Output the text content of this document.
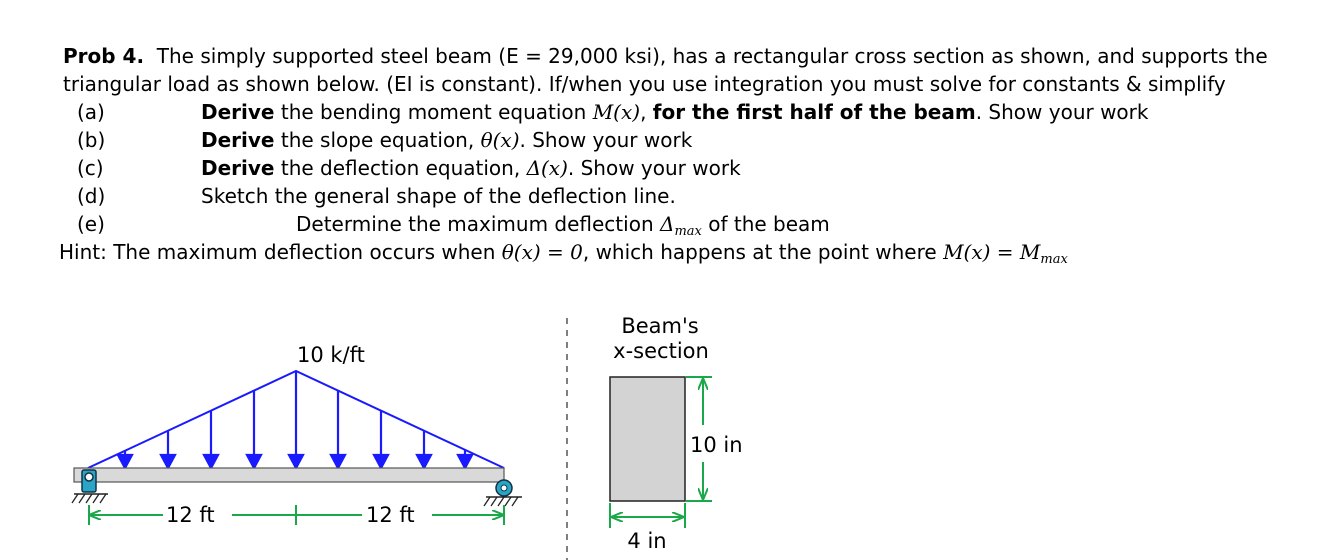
Prob 4. The simply supported steel beam (E = 29,000 ksi), has a rectangular cross section as shown, and supports the
triangular load as shown below. (EI is constant). If/when you use integration you must solve for constants & simplify
(a)	Derive the bending moment equation M(x), for the first half of the beam. Show your work
(b)	Derive the slope equation, θ(x). Show your work
(c)	Derive the deflection equation, Δ(x). Show your work
(d)	Sketch the general shape of the deflection line.
(e)	Determine the maximum deflection $\Delta_{max}$ of the beam
Hint: The maximum deflection occurs when θ(x) = 0, which happens at the point where $M(x) = M_{max}$
10 k/ft
12 ft	12 ft
Beam's
x-section
10 in
4 in
